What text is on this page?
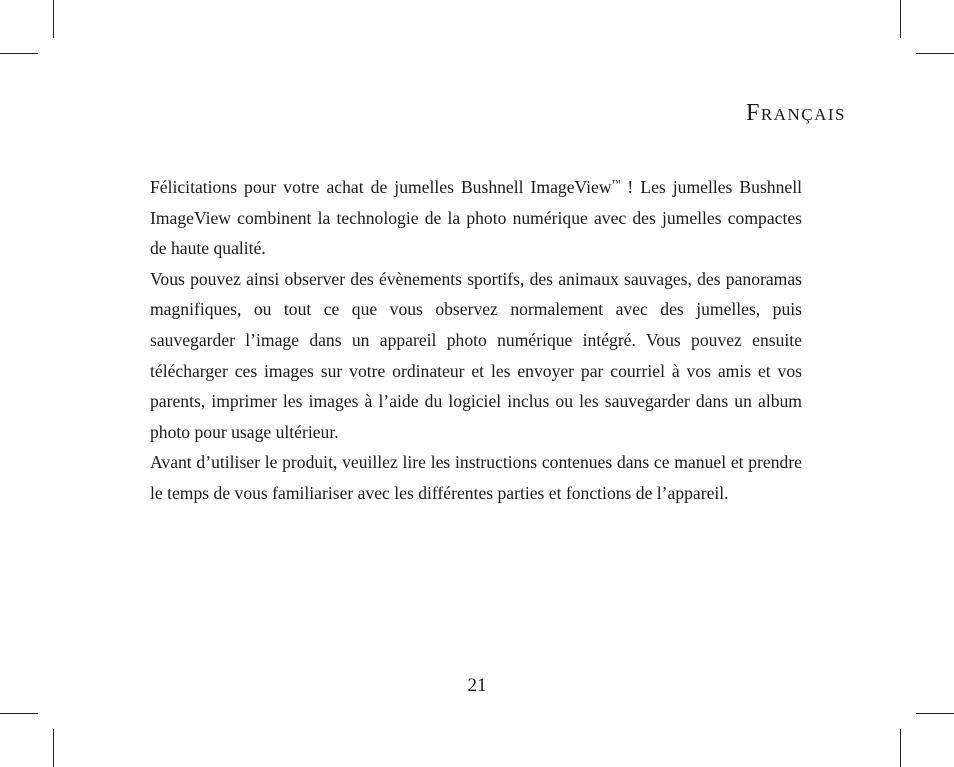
Français

Félicitations pour votre achat de jumelles Bushnell ImageView™ ! Les jumelles Bushnell ImageView combinent la technologie de la photo numérique avec des jumelles compactes de haute qualité.

Vous pouvez ainsi observer des évènements sportifs, des animaux sauvages, des panoramas magnifiques, ou tout ce que vous observez normalement avec des jumelles, puis sauvegarder l’image dans un appareil photo numérique intégré. Vous pouvez ensuite télécharger ces images sur votre ordinateur et les envoyer par courriel à vos amis et vos parents, imprimer les images à l’aide du logiciel inclus ou les sauvegarder dans un album photo pour usage ultérieur.

Avant d’utiliser le produit, veuillez lire les instructions contenues dans ce manuel et prendre le temps de vous familiariser avec les différentes parties et fonctions de l’appareil.

21
